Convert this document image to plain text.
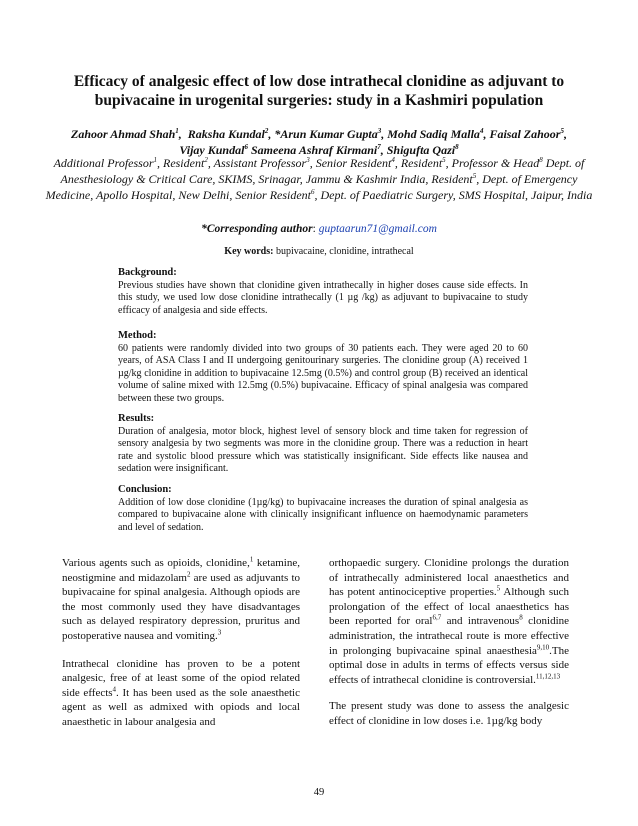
Efficacy of analgesic effect of low dose intrathecal clonidine as adjuvant to bupivacaine in urogenital surgeries: study in a Kashmiri population
Zahoor Ahmad Shah$^1$,  Raksha Kundal$^2$, *Arun Kumar Gupta$^3$, Mohd Sadiq Malla$^4$, Faisal Zahoor$^5$,
Vijay Kundal$^6$ Sameena Ashraf Kirmani$^7$, Shigufta Qazi$^8$
Additional Professor$^1$, Resident$^2$, Assistant Professor$^3$, Senior Resident$^4$, Resident$^5$, Professor & Head$^8$ Dept. of Anesthesiology & Critical Care, SKIMS, Srinagar, Jammu & Kashmir India, Resident$^5$, Dept. of Emergency Medicine, Apollo Hospital, New Delhi, Senior Resident$^6$, Dept. of Paediatric Surgery, SMS Hospital, Jaipur, India
*Corresponding author: guptaarun71@gmail.com
Key words: bupivacaine, clonidine, intrathecal
Background:
Previous studies have shown that clonidine given intrathecally in higher doses cause side effects. In this study, we used low dose clonidine intrathecally (1 µg /kg) as adjuvant to bupivacaine to study efficacy of analgesia and side effects.
Method:
60 patients were randomly divided into two groups of 30 patients each. They were aged 20 to 60 years, of ASA Class I and II undergoing genitourinary surgeries. The clonidine group (A) received 1 µg/kg clonidine in addition to bupivacaine 12.5mg (0.5%) and control group (B) received an identical volume of saline mixed with 12.5mg (0.5%) bupivacaine. Efficacy of spinal analgesia was compared between these two groups.
Results:
Duration of analgesia, motor block, highest level of sensory block and time taken for regression of sensory analgesia by two segments was more in the clonidine group. There was a reduction in heart rate and systolic blood pressure which was statistically insignificant. Side effects like nausea and sedation were insignificant.
Conclusion:
Addition of low dose clonidine (1µg/kg) to bupivacaine increases the duration of spinal analgesia as compared to bupivacaine alone with clinically insignificant influence on haemodynamic parameters and level of sedation.

Various agents such as opioids, clonidine,$^1$ ketamine, neostigmine and midazolam$^2$ are used as adjuvants to bupivacaine for spinal analgesia. Although opiods are the most commonly used they have disadvantages such as delayed respiratory depression, pruritus and postoperative nausea and vomiting.$^3$

Intrathecal clonidine has proven to be a potent analgesic, free of at least some of the opiod related side effects$^4$. It has been used as the sole anaesthetic agent as well as admixed with opiods and local anaesthetic in labour analgesia and

orthopaedic surgery. Clonidine prolongs the duration of intrathecally administered local anaesthetics and has potent antinociceptive properties.$^5$ Although such prolongation of the effect of local anaesthetics has been reported for oral$^{6,7}$ and intravenous$^8$ clonidine administration, the intrathecal route is more effective in prolonging bupivacaine spinal anaesthesia$^{9,10}$.The optimal dose in adults in terms of effects versus side effects of intrathecal clonidine is controversial.$^{11,12,13}$

The present study was done to assess the analgesic effect of clonidine in low doses i.e. 1µg/kg body

49
